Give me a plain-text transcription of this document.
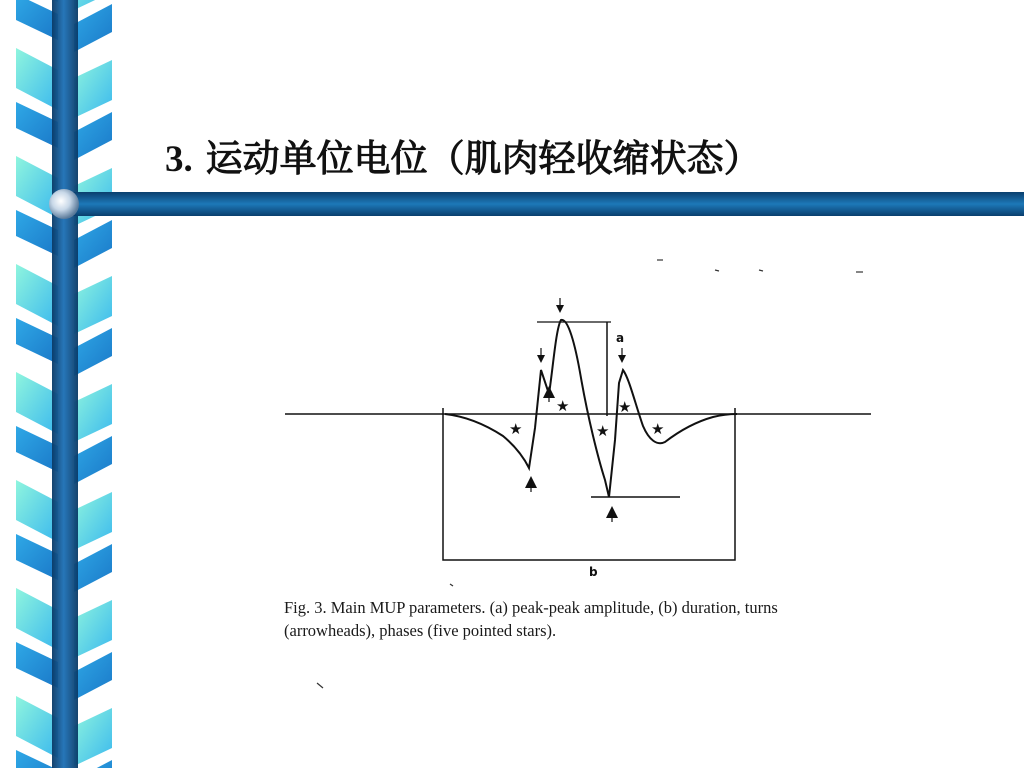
3. 运动单位电位（肌肉轻收缩状态）
★
★
★
★
★
a
b

Fig. 3. Main MUP parameters. (a) peak-peak amplitude, (b) duration, turns
(arrowheads), phases (five pointed stars).
